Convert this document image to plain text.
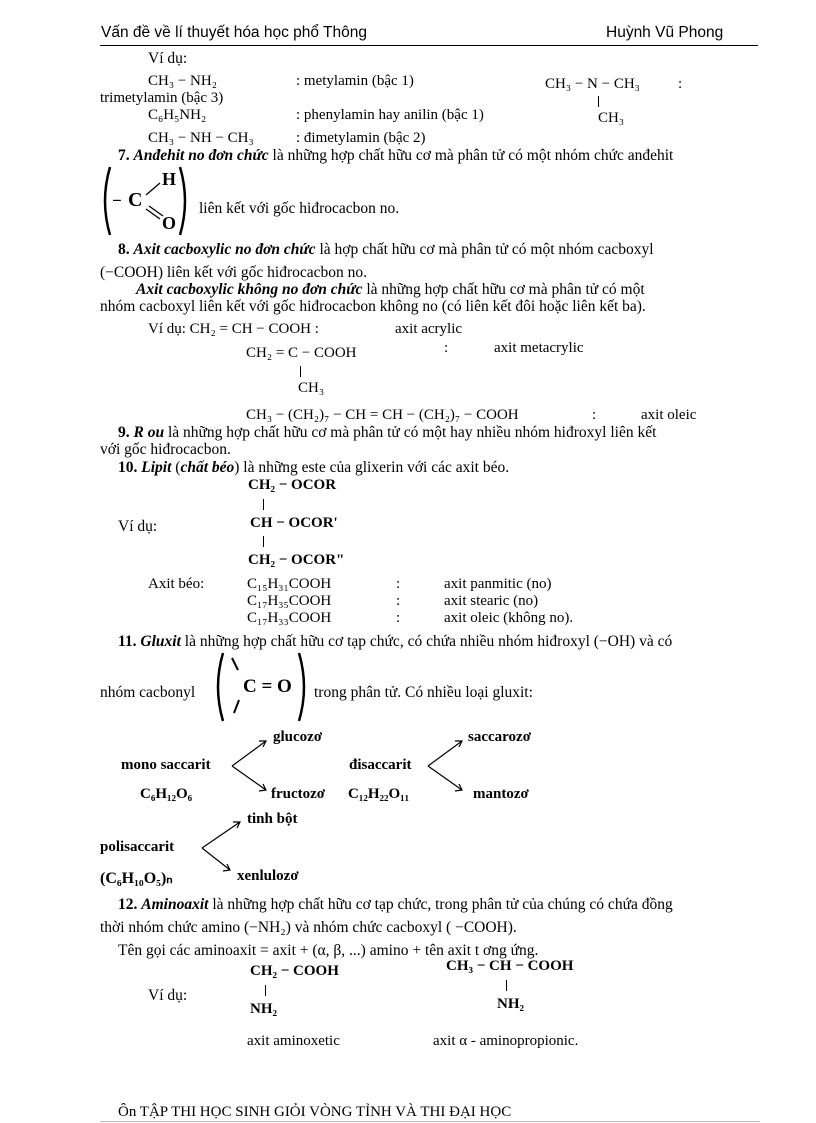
Vấn đề về lí thuyết hóa học phổ Thông	Huỳnh Vũ Phong
Ví dụ:
CH₃ − NH₂	: metylamin (bậc 1)	CH₃ − N − CH₃	:
CH₃
trimetylamin (bậc 3)
C₆H₅NH₂	: phenylamin hay anilin (bậc 1)
CH₃ − NH − CH₃	: đimetylamin (bậc 2)
7. Anđehit no đơn chức là những hợp chất hữu cơ mà phân tử có một nhóm chức anđehit
− C
H
O
liên kết với gốc hiđrocacbon no.
8. Axit cacboxylic no đơn chức là hợp chất hữu cơ mà phân tử có một nhóm cacboxyl
(−COOH) liên kết với gốc hiđrocacbon no.
Axit cacboxylic không no đơn chức là những hợp chất hữu cơ mà phân tử có một
nhóm cacboxyl liên kết với gốc hiđrocacbon không no (có liên kết đôi hoặc liên kết ba).
Ví dụ: CH₂ = CH − COOH :	axit acrylic
CH₂ = C − COOH	:	axit metacrylic
CH₃
CH₃ − (CH₂)₇ − CH = CH − (CH₂)₇ − COOH	:	axit oleic
9. R ou là những hợp chất hữu cơ mà phân tử có một hay nhiều nhóm hiđroxyl liên kết
với gốc hiđrocacbon.
10. Lipit (chất béo) là những este của glixerin với các axit béo.
CH₂ − OCOR
CH − OCOR'
Ví dụ:
CH₂ − OCOR"
Axit béo:	C₁₅H₃₁COOH	:	axit panmitic (no)
C₁₇H₃₅COOH	:	axit stearic (no)
C₁₇H₃₃COOH	:	axit oleic (không no).
11. Gluxit là những hợp chất hữu cơ tạp chức, có chứa nhiều nhóm hiđroxyl (−OH) và có
nhóm cacbonyl	C = O trong phân tử. Có nhiều loại gluxit:
mono saccarit
C₆H₁₂O₆
glucozơ
fructozơ
đisaccarit
C₁₂H₂₂O₁₁
saccarozơ
mantozơ
polisaccarit
(C₆H₁₀O₅)ₙ
tinh bột
xenlulozơ
12. Aminoaxit là những hợp chất hữu cơ tạp chức, trong phân tử của chúng có chứa đồng
thời nhóm chức amino (−NH₂) và nhóm chức cacboxyl ( −COOH).
Tên gọi các aminoaxit = axit + (α, β, ...) amino + tên axit t ơng ứng.
CH₂ − COOH
NH₂
Ví dụ:
CH₃ − CH − COOH
NH₂
axit aminoxetic	axit α - aminopropionic.
Ôn TẬP THI HỌC SINH GIỎI VÒNG TỈNH VÀ THI ĐẠI HỌC
